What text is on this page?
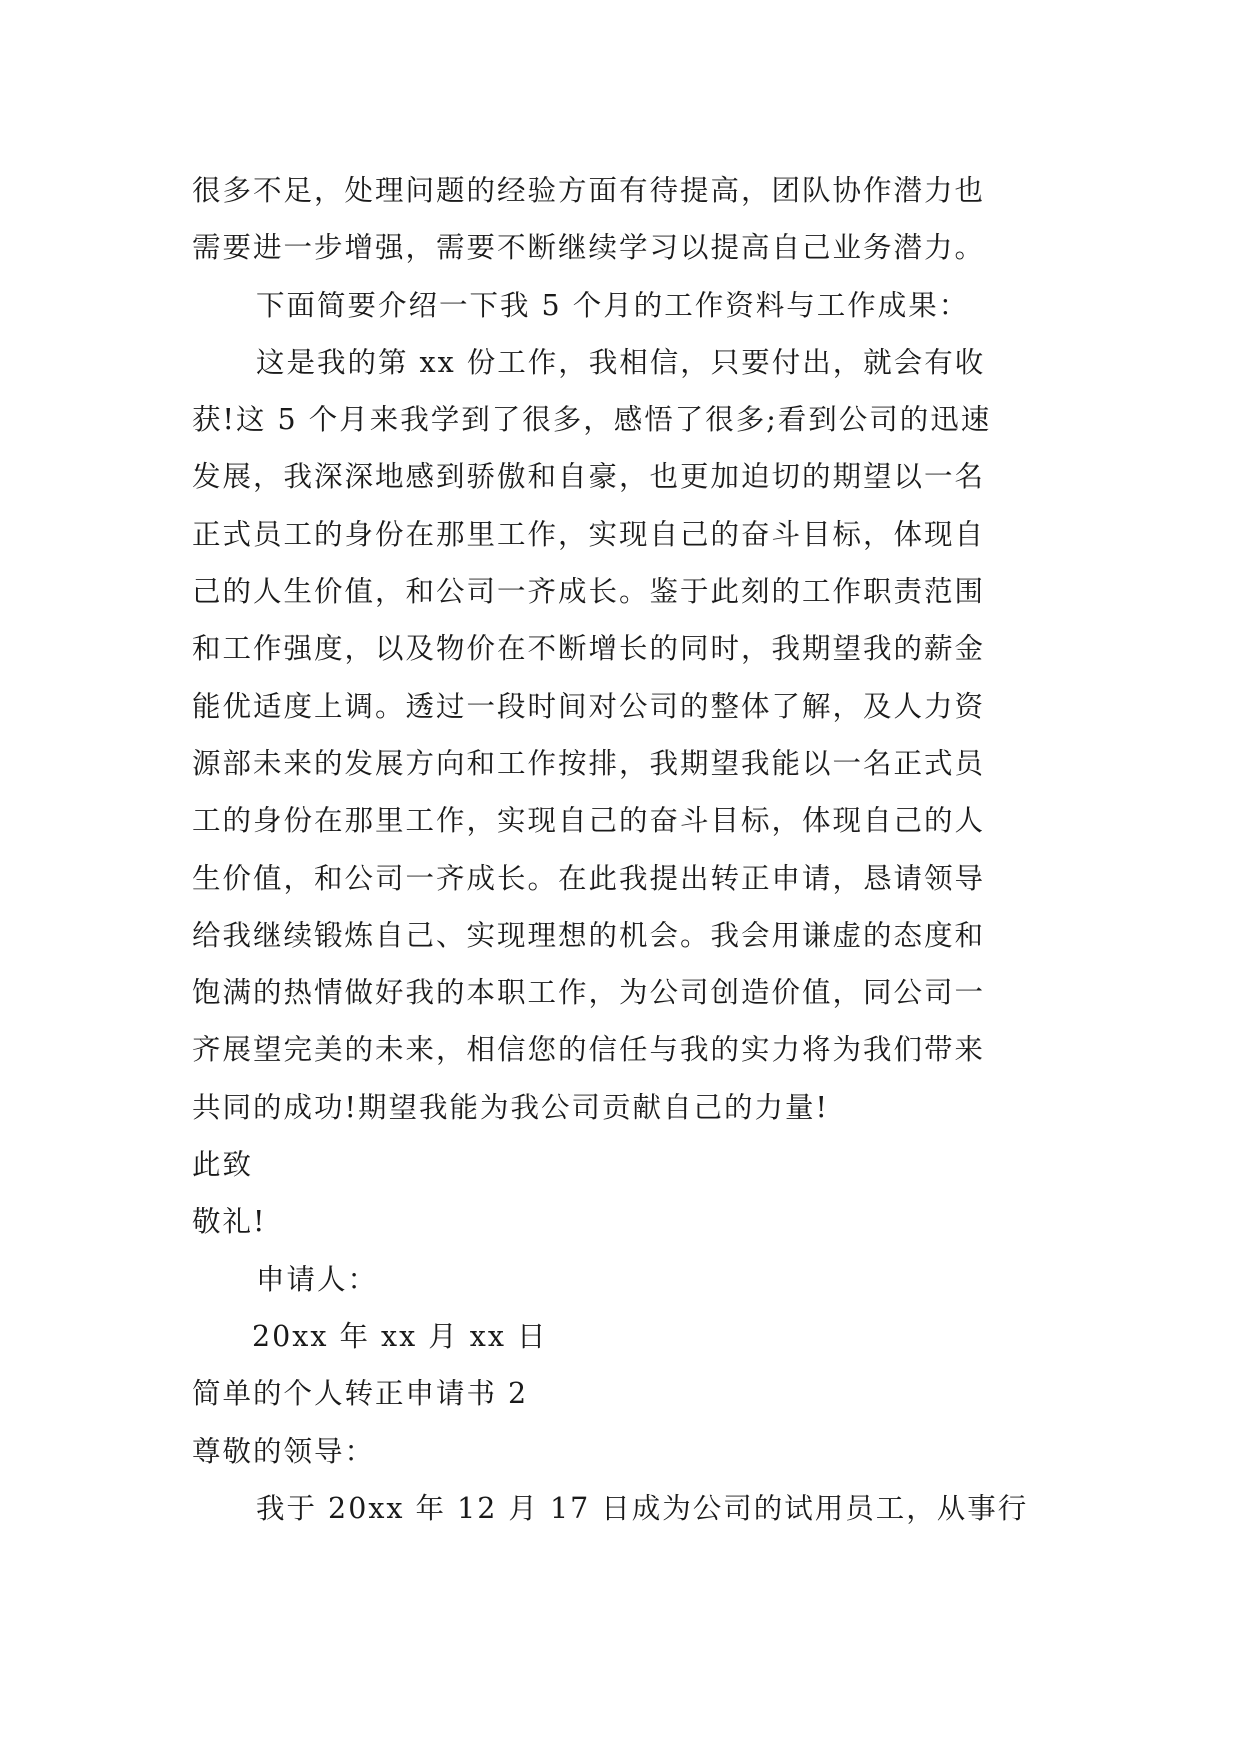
很多不足，处理问题的经验方面有待提高，团队协作潜力也
需要进一步增强，需要不断继续学习以提高自己业务潜力。
下面简要介绍一下我 5 个月的工作资料与工作成果：
这是我的第 xx 份工作，我相信，只要付出，就会有收
获!这 5 个月来我学到了很多，感悟了很多;看到公司的迅速
发展，我深深地感到骄傲和自豪，也更加迫切的期望以一名
正式员工的身份在那里工作，实现自己的奋斗目标，体现自
己的人生价值，和公司一齐成长。鉴于此刻的工作职责范围
和工作强度，以及物价在不断增长的同时，我期望我的薪金
能优适度上调。透过一段时间对公司的整体了解，及人力资
源部未来的发展方向和工作按排，我期望我能以一名正式员
工的身份在那里工作，实现自己的奋斗目标，体现自己的人
生价值，和公司一齐成长。在此我提出转正申请，恳请领导
给我继续锻炼自己、实现理想的机会。我会用谦虚的态度和
饱满的热情做好我的本职工作，为公司创造价值，同公司一
齐展望完美的未来，相信您的信任与我的实力将为我们带来
共同的成功!期望我能为我公司贡献自己的力量!
此致
敬礼!
申请人：
20xx 年 xx 月 xx 日
简单的个人转正申请书 2
尊敬的领导：
我于 20xx 年 12 月 17 日成为公司的试用员工，从事行
